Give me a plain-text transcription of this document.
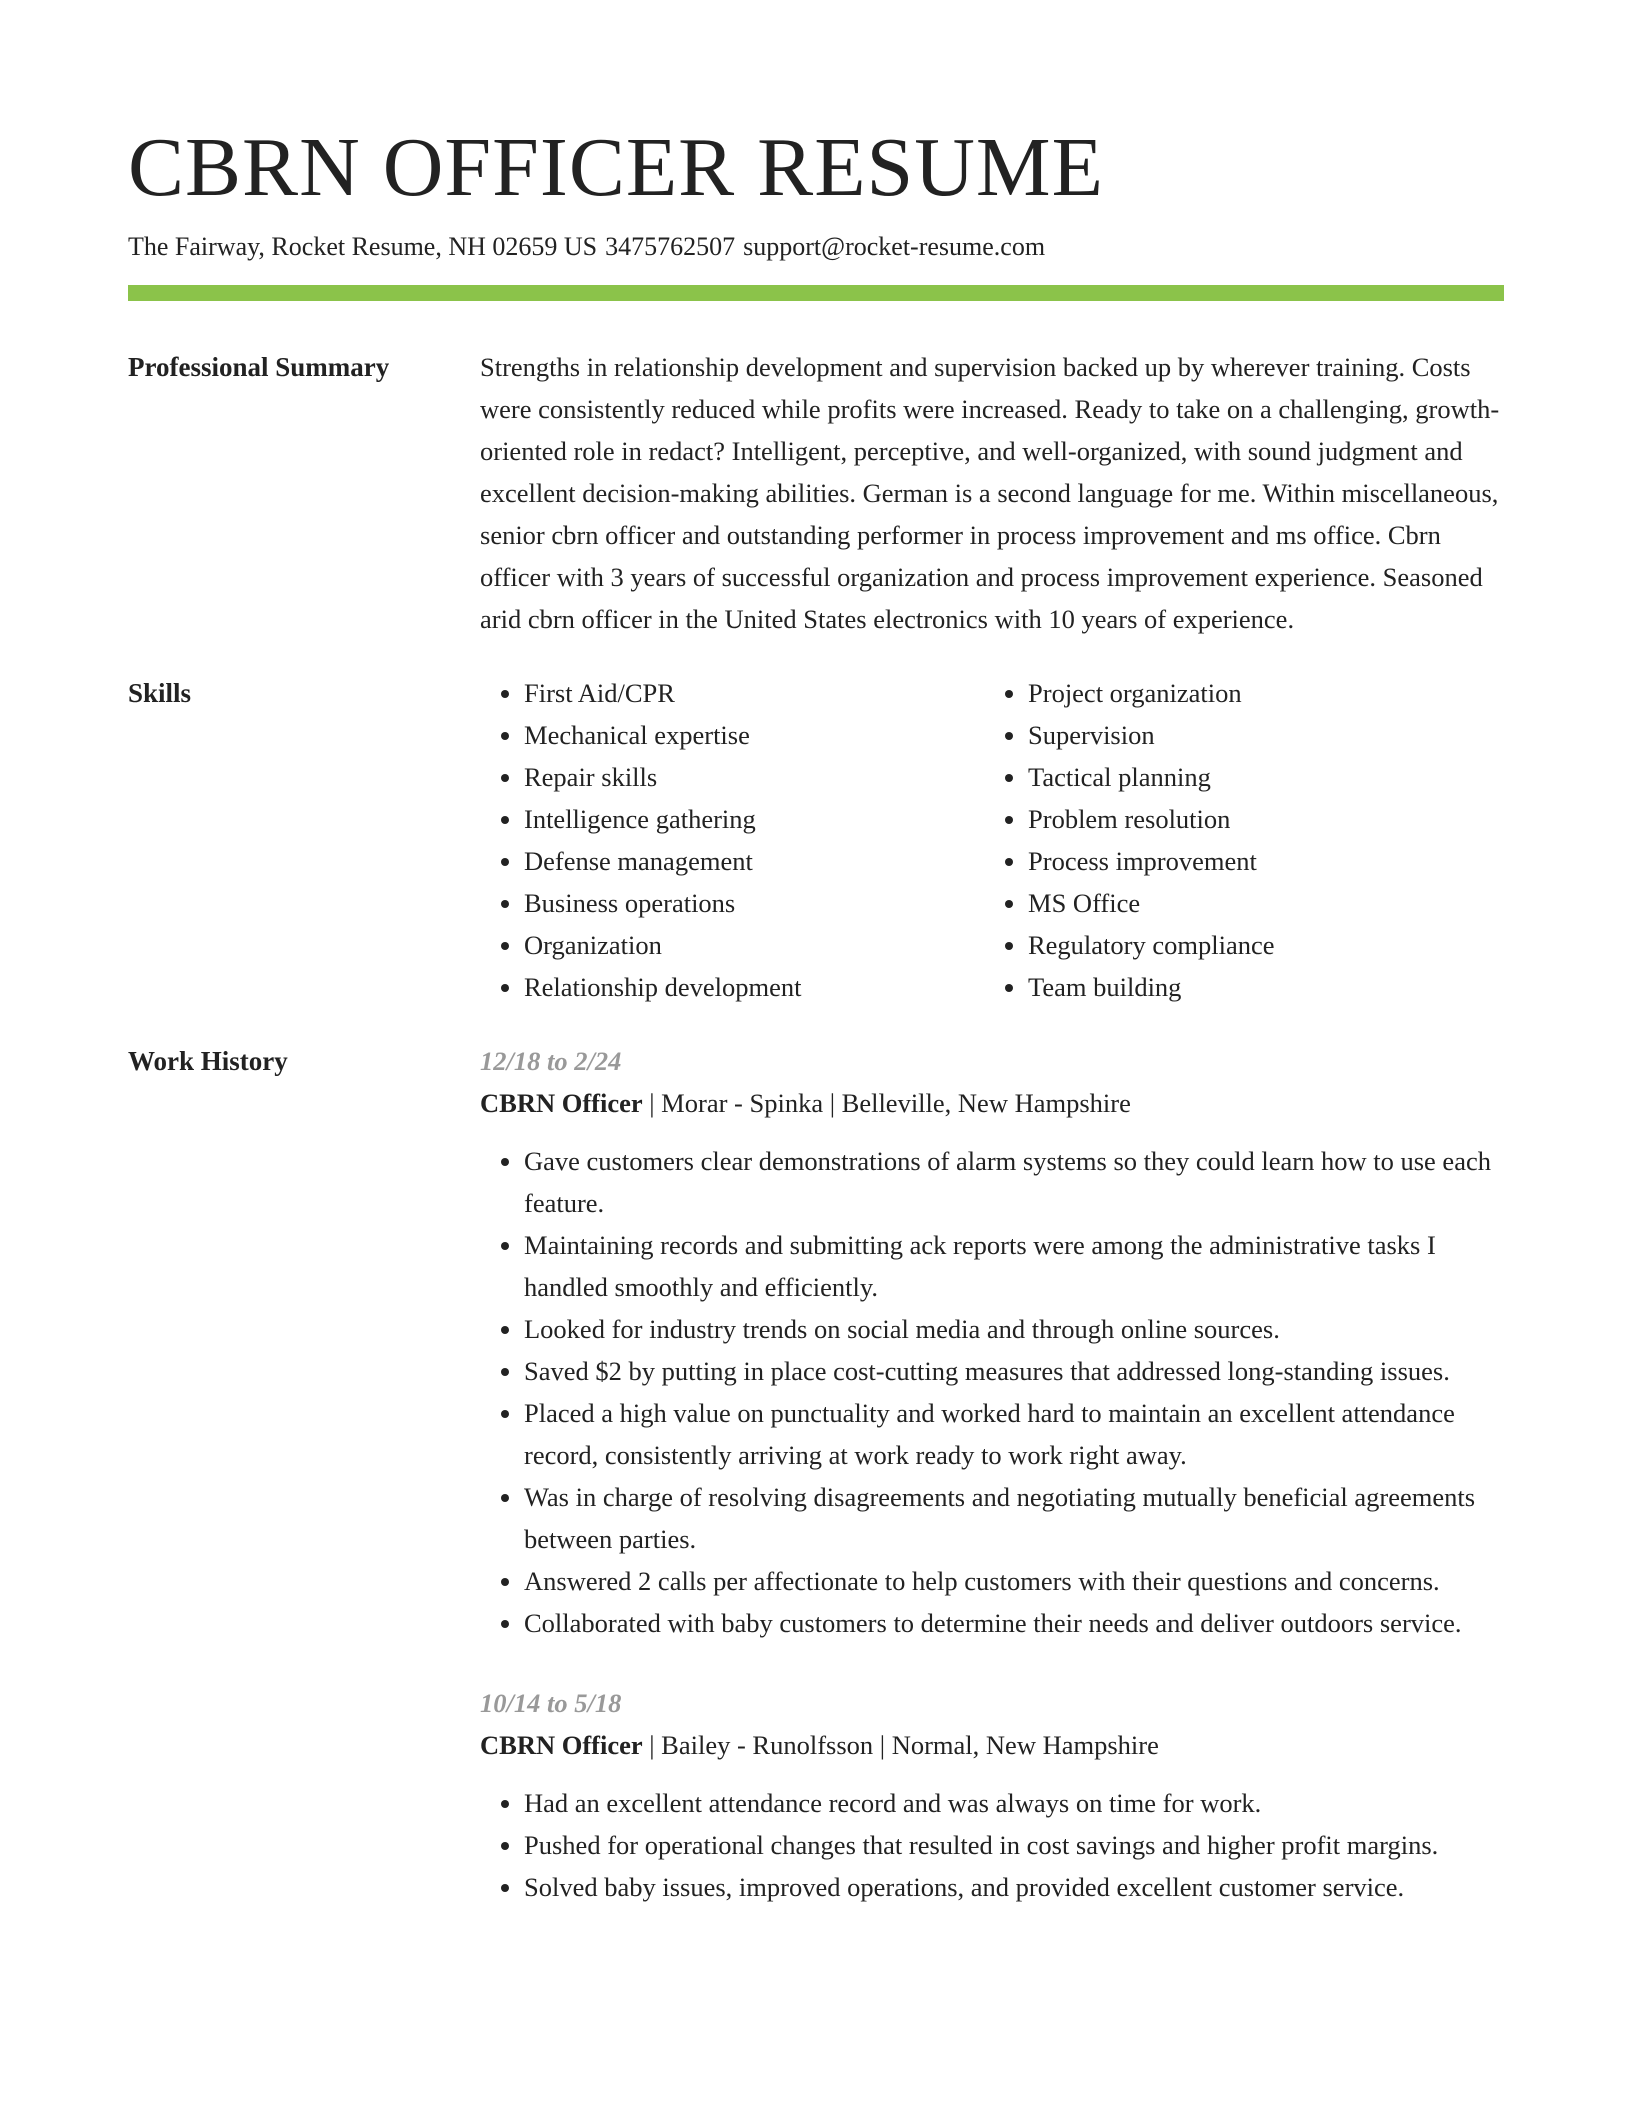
CBRN OFFICER RESUME
The Fairway, Rocket Resume, NH 02659 US 3475762507 support@rocket-resume.com
Professional Summary	Strengths in relationship development and supervision backed up by wherever training. Costs were consistently reduced while profits were increased. Ready to take on a challenging, growth-oriented role in redact? Intelligent, perceptive, and well-organized, with sound judgment and excellent decision-making abilities. German is a second language for me. Within miscellaneous, senior cbrn officer and outstanding performer in process improvement and ms office. Cbrn officer with 3 years of successful organization and process improvement experience. Seasoned arid cbrn officer in the United States electronics with 10 years of experience.

Skills
•	First Aid/CPR
• Mechanical expertise
• Repair skills
• Intelligence gathering
• Defense management
• Business operations
• Organization
• Relationship development
• Project organization
• Supervision
• Tactical planning
• Problem resolution
• Process improvement
• MS Office
• Regulatory compliance
• Team building
Work History	12/18 to 2/24
CBRN Officer | Morar - Spinka | Belleville, New Hampshire
• Gave customers clear demonstrations of alarm systems so they could learn how to use each feature.
• Maintaining records and submitting ack reports were among the administrative tasks I handled smoothly and efficiently.
• Looked for industry trends on social media and through online sources.
• Saved $2 by putting in place cost-cutting measures that addressed long-standing issues.
• Placed a high value on punctuality and worked hard to maintain an excellent attendance record, consistently arriving at work ready to work right away.
• Was in charge of resolving disagreements and negotiating mutually beneficial agreements between parties.
• Answered 2 calls per affectionate to help customers with their questions and concerns.
• Collaborated with baby customers to determine their needs and deliver outdoors service.
10/14 to 5/18
CBRN Officer | Bailey - Runolfsson | Normal, New Hampshire
• Had an excellent attendance record and was always on time for work.
• Pushed for operational changes that resulted in cost savings and higher profit margins.
• Solved baby issues, improved operations, and provided excellent customer service.
